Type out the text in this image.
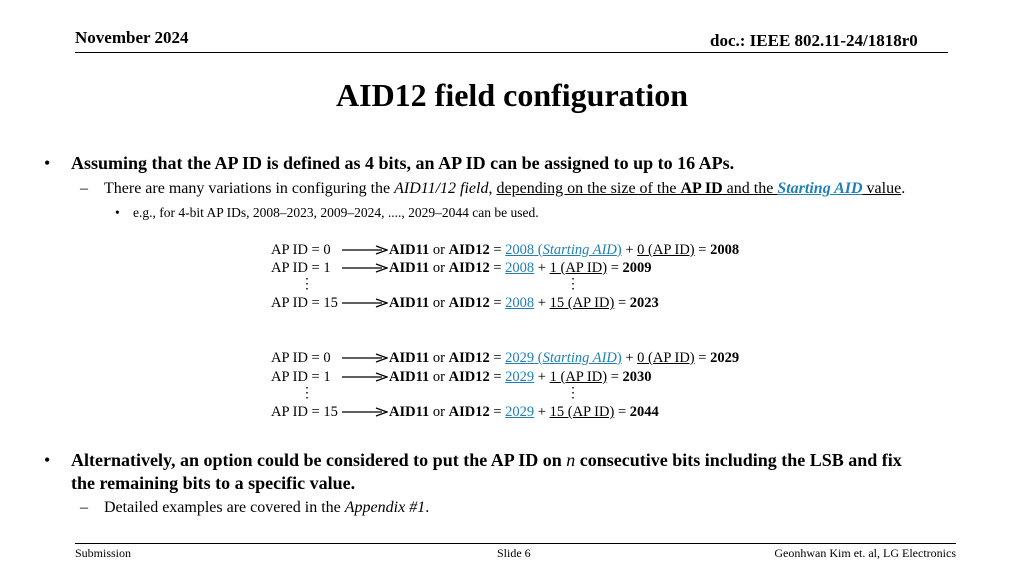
November 2024	doc.: IEEE 802.11-24/1818r0
AID12 field configuration
• Assuming that the AP ID is defined as 4 bits, an AP ID can be assigned to up to 16 APs.
– There are many variations in configuring the AID11/12 field, depending on the size of the AP ID and the Starting AID value.
• e.g., for 4-bit AP IDs, 2008–2023, 2009–2024, ...., 2029–2044 can be used.
AP ID = 0	AID11 or AID12 = 2008 (Starting AID) + 0 (AP ID) = 2008
AP ID = 1	AID11 or AID12 = 2008 + 1 (AP ID) = 2009
⋮	⋮
AP ID = 15	AID11 or AID12 = 2008 + 15 (AP ID) = 2023
AP ID = 0	AID11 or AID12 = 2029 (Starting AID) + 0 (AP ID) = 2029
AP ID = 1	AID11 or AID12 = 2029 + 1 (AP ID) = 2030
⋮	⋮
AP ID = 15	AID11 or AID12 = 2029 + 15 (AP ID) = 2044
• Alternatively, an option could be considered to put the AP ID on n consecutive bits including the LSB and fix
the remaining bits to a specific value.
– Detailed examples are covered in the Appendix #1.
Submission	Slide 6	Geonhwan Kim et. al, LG Electronics
